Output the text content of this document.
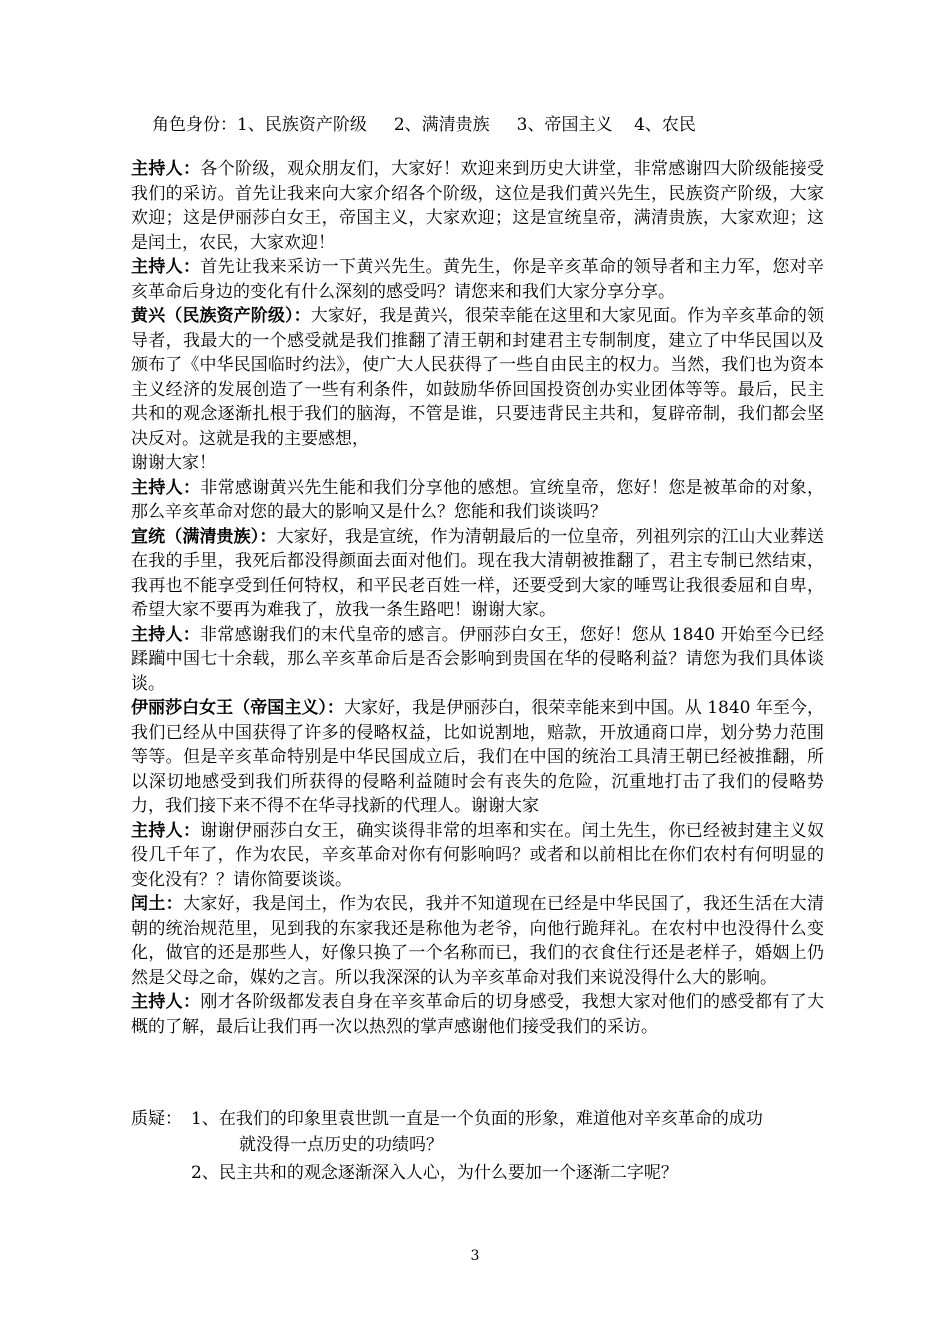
角色身份：1、民族资产阶级     2、满清贵族     3、帝国主义    4、农民

主持人：各个阶级，观众朋友们，大家好！欢迎来到历史大讲堂，非常感谢四大阶级能接受我们的采访。首先让我来向大家介绍各个阶级，这位是我们黄兴先生，民族资产阶级，大家欢迎；这是伊丽莎白女王，帝国主义，大家欢迎；这是宣统皇帝，满清贵族，大家欢迎；这是闰土，农民，大家欢迎！

主持人：首先让我来采访一下黄兴先生。黄先生，你是辛亥革命的领导者和主力军，您对辛亥革命后身边的变化有什么深刻的感受吗？请您来和我们大家分享分享。

黄兴（民族资产阶级）：大家好，我是黄兴，很荣幸能在这里和大家见面。作为辛亥革命的领导者，我最大的一个感受就是我们推翻了清王朝和封建君主专制制度，建立了中华民国以及颁布了《中华民国临时约法》，使广大人民获得了一些自由民主的权力。当然，我们也为资本主义经济的发展创造了一些有利条件，如鼓励华侨回国投资创办实业团体等等。最后，民主共和的观念逐渐扎根于我们的脑海，不管是谁，只要违背民主共和，复辟帝制，我们都会坚决反对。这就是我的主要感想，

谢谢大家！

主持人：非常感谢黄兴先生能和我们分享他的感想。宣统皇帝，您好！您是被革命的对象，那么辛亥革命对您的最大的影响又是什么？您能和我们谈谈吗？

宣统（满清贵族）：大家好，我是宣统，作为清朝最后的一位皇帝，列祖列宗的江山大业葬送在我的手里，我死后都没得颜面去面对他们。现在我大清朝被推翻了，君主专制已然结束，我再也不能享受到任何特权，和平民老百姓一样，还要受到大家的唾骂让我很委屈和自卑，希望大家不要再为难我了，放我一条生路吧！谢谢大家。

主持人：非常感谢我们的末代皇帝的感言。伊丽莎白女王，您好！您从 1840 开始至今已经蹂躏中国七十余载，那么辛亥革命后是否会影响到贵国在华的侵略利益？请您为我们具体谈谈。

伊丽莎白女王（帝国主义）：大家好，我是伊丽莎白，很荣幸能来到中国。从 1840 年至今，我们已经从中国获得了许多的侵略权益，比如说割地，赔款，开放通商口岸，划分势力范围等等。但是辛亥革命特别是中华民国成立后，我们在中国的统治工具清王朝已经被推翻，所以深切地感受到我们所获得的侵略利益随时会有丧失的危险，沉重地打击了我们的侵略势力，我们接下来不得不在华寻找新的代理人。谢谢大家

主持人：谢谢伊丽莎白女王，确实谈得非常的坦率和实在。闰土先生，你已经被封建主义奴役几千年了，作为农民，辛亥革命对你有何影响吗？或者和以前相比在你们农村有何明显的变化没有？？请你简要谈谈。

闰土：大家好，我是闰土，作为农民，我并不知道现在已经是中华民国了，我还生活在大清朝的统治规范里，见到我的东家我还是称他为老爷，向他行跪拜礼。在农村中也没得什么变化，做官的还是那些人，好像只换了一个名称而已，我们的衣食住行还是老样子，婚姻上仍然是父母之命，媒妁之言。所以我深深的认为辛亥革命对我们来说没得什么大的影响。

主持人：刚才各阶级都发表自身在辛亥革命后的切身感受，我想大家对他们的感受都有了大概的了解，最后让我们再一次以热烈的掌声感谢他们接受我们的采访。

质疑： 1、在我们的印象里袁世凯一直是一个负面的形象，难道他对辛亥革命的成功
就没得一点历史的功绩吗？
2、民主共和的观念逐渐深入人心，为什么要加一个逐渐二字呢？
3
